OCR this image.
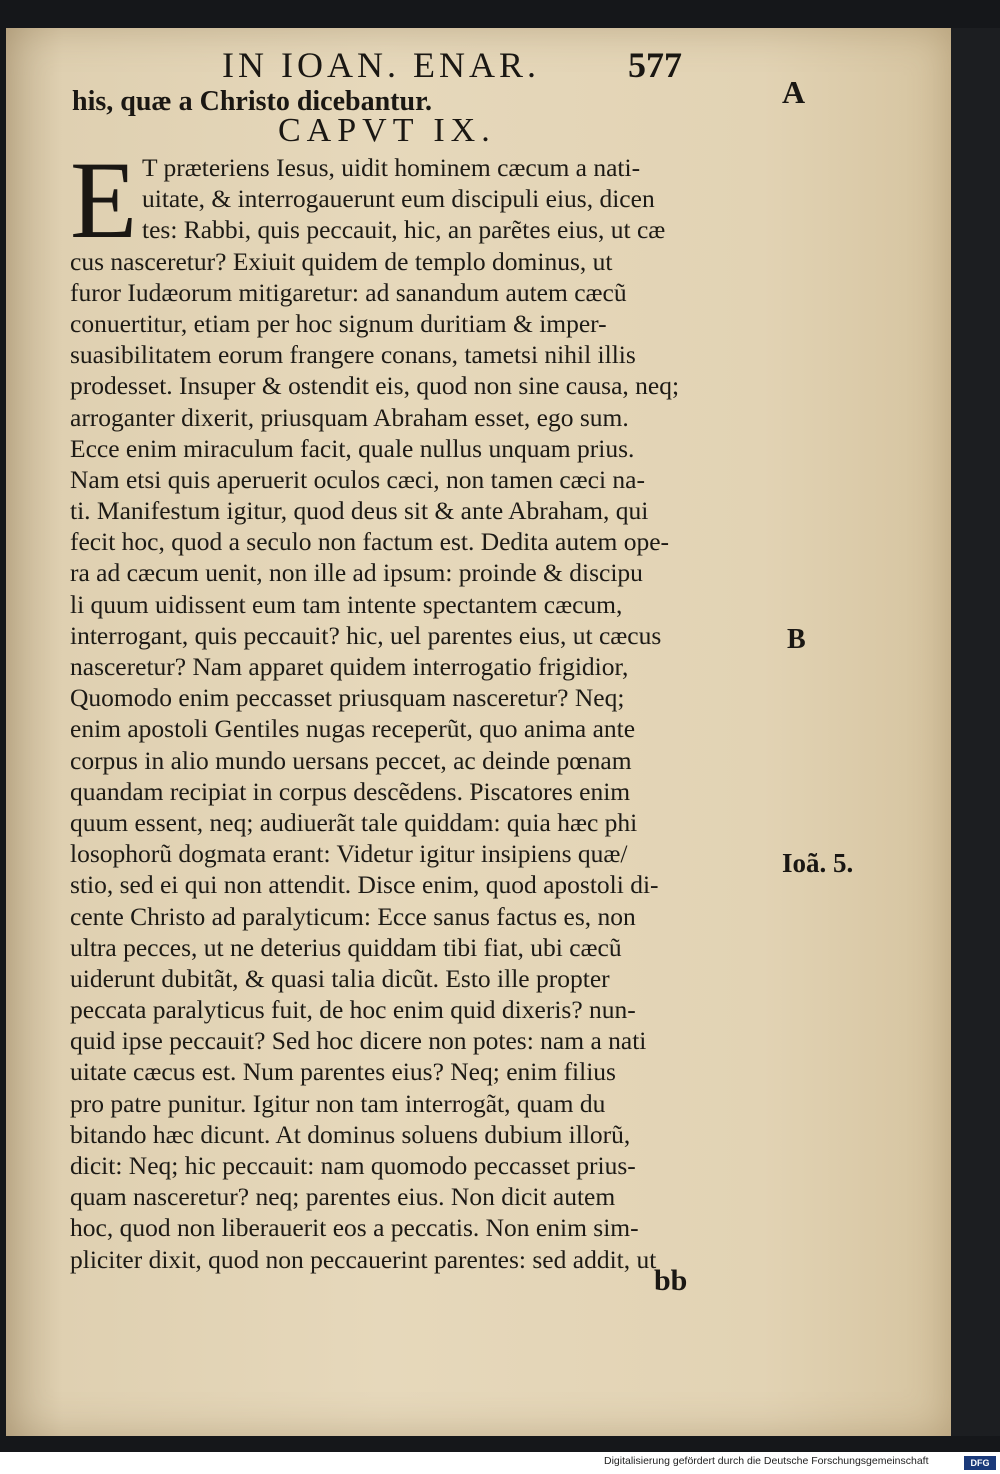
IN IOAN. ENAR. 577
A
his, quæ a Christo dicebantur.
CAPVT IX.
E T præteriens Iesus, uidit hominem cæcum a nati-
uitate, & interrogauerunt eum discipuli eius, dicen
tes: Rabbi, quis peccauit, hic, an parẽtes eius, ut cæ
cus nasceretur? Exiuit quidem de templo dominus, ut
furor Iudæorum mitigaretur: ad sanandum autem cæcũ
conuertitur, etiam per hoc signum duritiam & imper-
suasibilitatem eorum frangere conans, tametsi nihil illis
prodesset. Insuper & ostendit eis, quod non sine causa, neq;
arroganter dixerit, priusquam Abraham esset, ego sum.
Ecce enim miraculum facit, quale nullus unquam prius.
Nam etsi quis aperuerit oculos cæci, non tamen cæci na-
ti. Manifestum igitur, quod deus sit & ante Abraham, qui
fecit hoc, quod a seculo non factum est. Dedita autem ope-
ra ad cæcum uenit, non ille ad ipsum: proinde & discipu
li quum uidissent eum tam intente spectantem cæcum,
interrogant, quis peccauit? hic, uel parentes eius, ut cæcus
nasceretur? Nam apparet quidem interrogatio frigidior,
Quomodo enim peccasset priusquam nasceretur? Neq;
enim apostoli Gentiles nugas receperũt, quo anima ante
corpus in alio mundo uersans peccet, ac deinde pœnam
quandam recipiat in corpus descẽdens. Piscatores enim
quum essent, neq; audiuerãt tale quiddam: quia hæc phi
losophorũ dogmata erant: Videtur igitur insipiens quæ/
stio, sed ei qui non attendit. Disce enim, quod apostoli di-
cente Christo ad paralyticum: Ecce sanus factus es, non
ultra pecces, ut ne deterius quiddam tibi fiat, ubi cæcũ
uiderunt dubitãt, & quasi talia dicũt. Esto ille propter
peccata paralyticus fuit, de hoc enim quid dixeris? nun-
quid ipse peccauit? Sed hoc dicere non potes: nam a nati
uitate cæcus est. Num parentes eius? Neq; enim filius
pro patre punitur. Igitur non tam interrogãt, quam du
bitando hæc dicunt. At dominus soluens dubium illorũ,
dicit: Neq; hic peccauit: nam quomodo peccasset prius-
quam nasceretur? neq; parentes eius. Non dicit autem
hoc, quod non liberauerit eos a peccatis. Non enim sim-
pliciter dixit, quod non peccauerint parentes: sed addit, ut
B
Ioã. 5.
bb
Digitalisierung gefördert durch die Deutsche Forschungsgemeinschaft	DFG
